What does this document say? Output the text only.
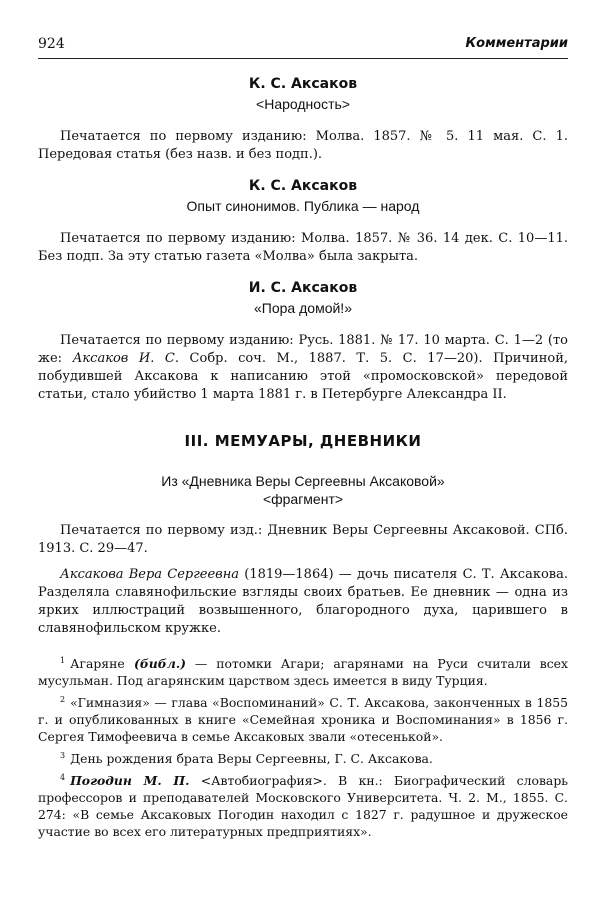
924	Комментарии
К. С. Аксаков
<Народность>

Печатается по первому изданию: Молва. 1857. № 5. 11 мая. С. 1. Передовая статья (без назв. и без подп.).

К. С. Аксаков
Опыт синонимов. Публика — народ

Печатается по первому изданию: Молва. 1857. № 36. 14 дек. С. 10—11. Без подп. За эту статью газета «Молва» была закрыта.

И. С. Аксаков
«Пора домой!»

Печатается по первому изданию: Русь. 1881. № 17. 10 марта. С. 1—2 (то же: Аксаков И. С. Собр. соч. М., 1887. Т. 5. С. 17—20). Причиной, побудившей Аксакова к написанию этой «промосковской» передовой статьи, стало убийство 1 марта 1881 г. в Петербурге Александра II.

III. МЕМУАРЫ, ДНЕВНИКИ
Из «Дневника Веры Сергеевны Аксаковой»
<фрагмент>

Печатается по первому изд.: Дневник Веры Сергеевны Аксаковой. СПб. 1913. С. 29—47.

Аксакова Вера Сергеевна (1819—1864) — дочь писателя С. Т. Аксакова. Разделяла славянофильские взгляды своих братьев. Ее дневник — одна из ярких иллюстраций возвышенного, благородного духа, царившего в славянофильском кружке.

$^1$ Агаряне (библ.) — потомки Агари; агарянами на Руси считали всех мусульман. Под агарянским царством здесь имеется в виду Турция.

$^2$ «Гимназия» — глава «Воспоминаний» С. Т. Аксакова, законченных в 1855 г. и опубликованных в книге «Семейная хроника и Воспоминания» в 1856 г. Сергея Тимофеевича в семье Аксаковых звали «отесенькой».

$^3$ День рождения брата Веры Сергеевны, Г. С. Аксакова.

$^4$ Погодин М. П. <Автобиография>. В кн.: Биографический словарь профессоров и преподавателей Московского Университета. Ч. 2. М., 1855. С. 274: «В семье Аксаковых Погодин находил с 1827 г. радушное и дружеское участие во всех его литературных предприятиях».
